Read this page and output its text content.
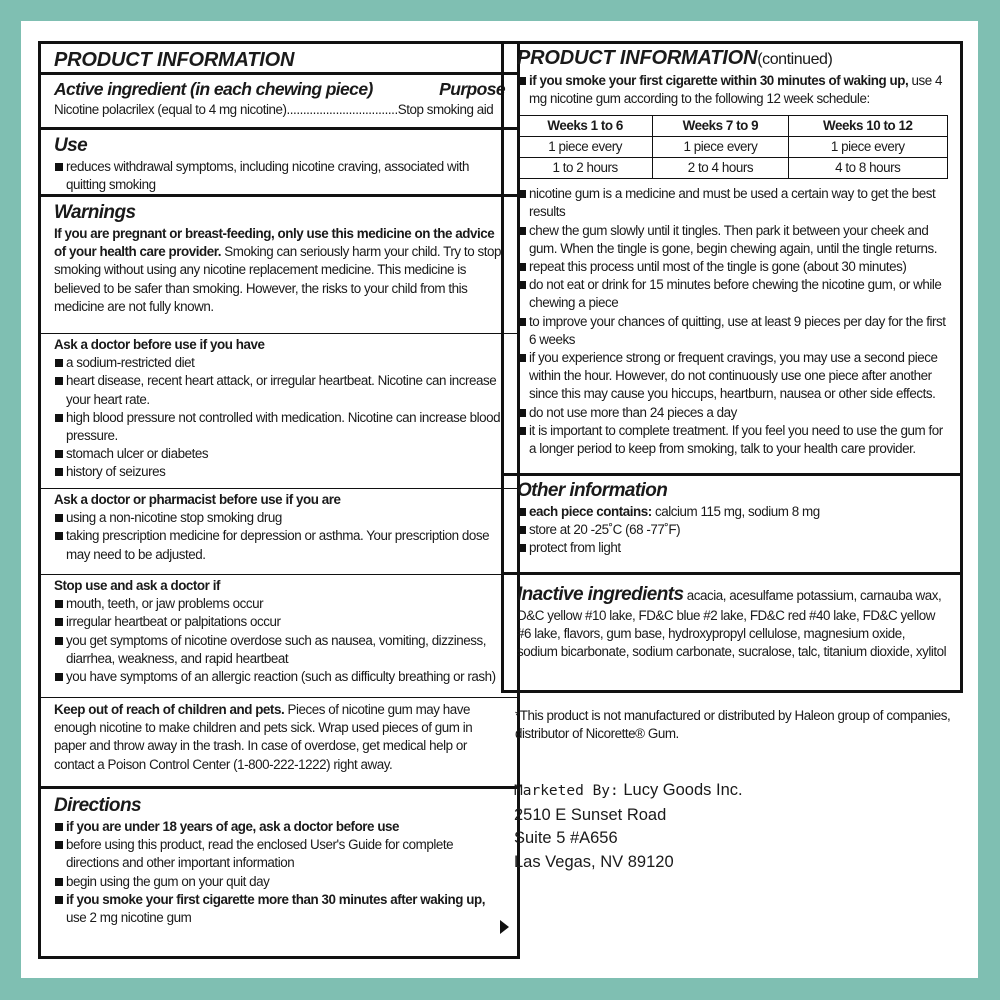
PRODUCT INFORMATION
Active ingredient (in each chewing piece)	Purpose
Nicotine polacrilex (equal to 4 mg nicotine)..................................Stop smoking aid
Use
reduces withdrawal symptoms, including nicotine craving, associated with quitting smoking
Warnings
If you are pregnant or breast-feeding, only use this medicine on the advice of your health care provider. Smoking can seriously harm your child. Try to stop smoking without using any nicotine replacement medicine. This medicine is believed to be safer than smoking. However, the risks to your child from this medicine are not fully known.
Ask a doctor before use if you have
a sodium-restricted diet
heart disease, recent heart attack, or irregular heartbeat. Nicotine can increase your heart rate.
high blood pressure not controlled with medication. Nicotine can increase blood pressure.
stomach ulcer or diabetes
history of seizures
Ask a doctor or pharmacist before use if you are
using a non-nicotine stop smoking drug
taking prescription medicine for depression or asthma. Your prescription dose may need to be adjusted.
Stop use and ask a doctor if
mouth, teeth, or jaw problems occur
irregular heartbeat or palpitations occur
you get symptoms of nicotine overdose such as nausea, vomiting, dizziness, diarrhea, weakness, and rapid heartbeat
you have symptoms of an allergic reaction (such as difficulty breathing or rash)
Keep out of reach of children and pets. Pieces of nicotine gum may have enough nicotine to make children and pets sick. Wrap used pieces of gum in paper and throw away in the trash. In case of overdose, get medical help or contact a Poison Control Center (1-800-222-1222) right away.
Directions
if you are under 18 years of age, ask a doctor before use
before using this product, read the enclosed User's Guide for complete directions and other important information
begin using the gum on your quit day
if you smoke your first cigarette more than 30 minutes after waking up, use 2 mg nicotine gum
PRODUCT INFORMATION(continued)
if you smoke your first cigarette within 30 minutes of waking up, use 4 mg nicotine gum according to the following 12 week schedule:
Weeks 1 to 6	Weeks 7 to 9	Weeks 10 to 12
1 piece every	1 piece every	1 piece every
1 to 2 hours	2 to 4 hours	4 to 8 hours
nicotine gum is a medicine and must be used a certain way to get the best results
chew the gum slowly until it tingles. Then park it between your cheek and gum. When the tingle is gone, begin chewing again, until the tingle returns.
repeat this process until most of the tingle is gone (about 30 minutes)
do not eat or drink for 15 minutes before chewing the nicotine gum, or while chewing a piece
to improve your chances of quitting, use at least 9 pieces per day for the first 6 weeks
if you experience strong or frequent cravings, you may use a second piece within the hour. However, do not continuously use one piece after another since this may cause you hiccups, heartburn, nausea or other side effects.
do not use more than 24 pieces a day
it is important to complete treatment. If you feel you need to use the gum for a longer period to keep from smoking, talk to your health care provider.
Other information
each piece contains: calcium 115 mg, sodium 8 mg
store at 20 -25˚C (68 -77˚F)
protect from light
Inactive ingredients acacia, acesulfame potassium, carnauba wax, D&C yellow #10 lake, FD&C blue #2 lake, FD&C red #40 lake, FD&C yellow #6 lake, flavors, gum base, hydroxypropyl cellulose, magnesium oxide, sodium bicarbonate, sodium carbonate, sucralose, talc, titanium dioxide, xylitol
*This product is not manufactured or distributed by Haleon group of companies, distributor of Nicorette® Gum.
Marketed By: Lucy Goods Inc.
2510 E Sunset Road
Suite 5 #A656
Las Vegas, NV 89120
